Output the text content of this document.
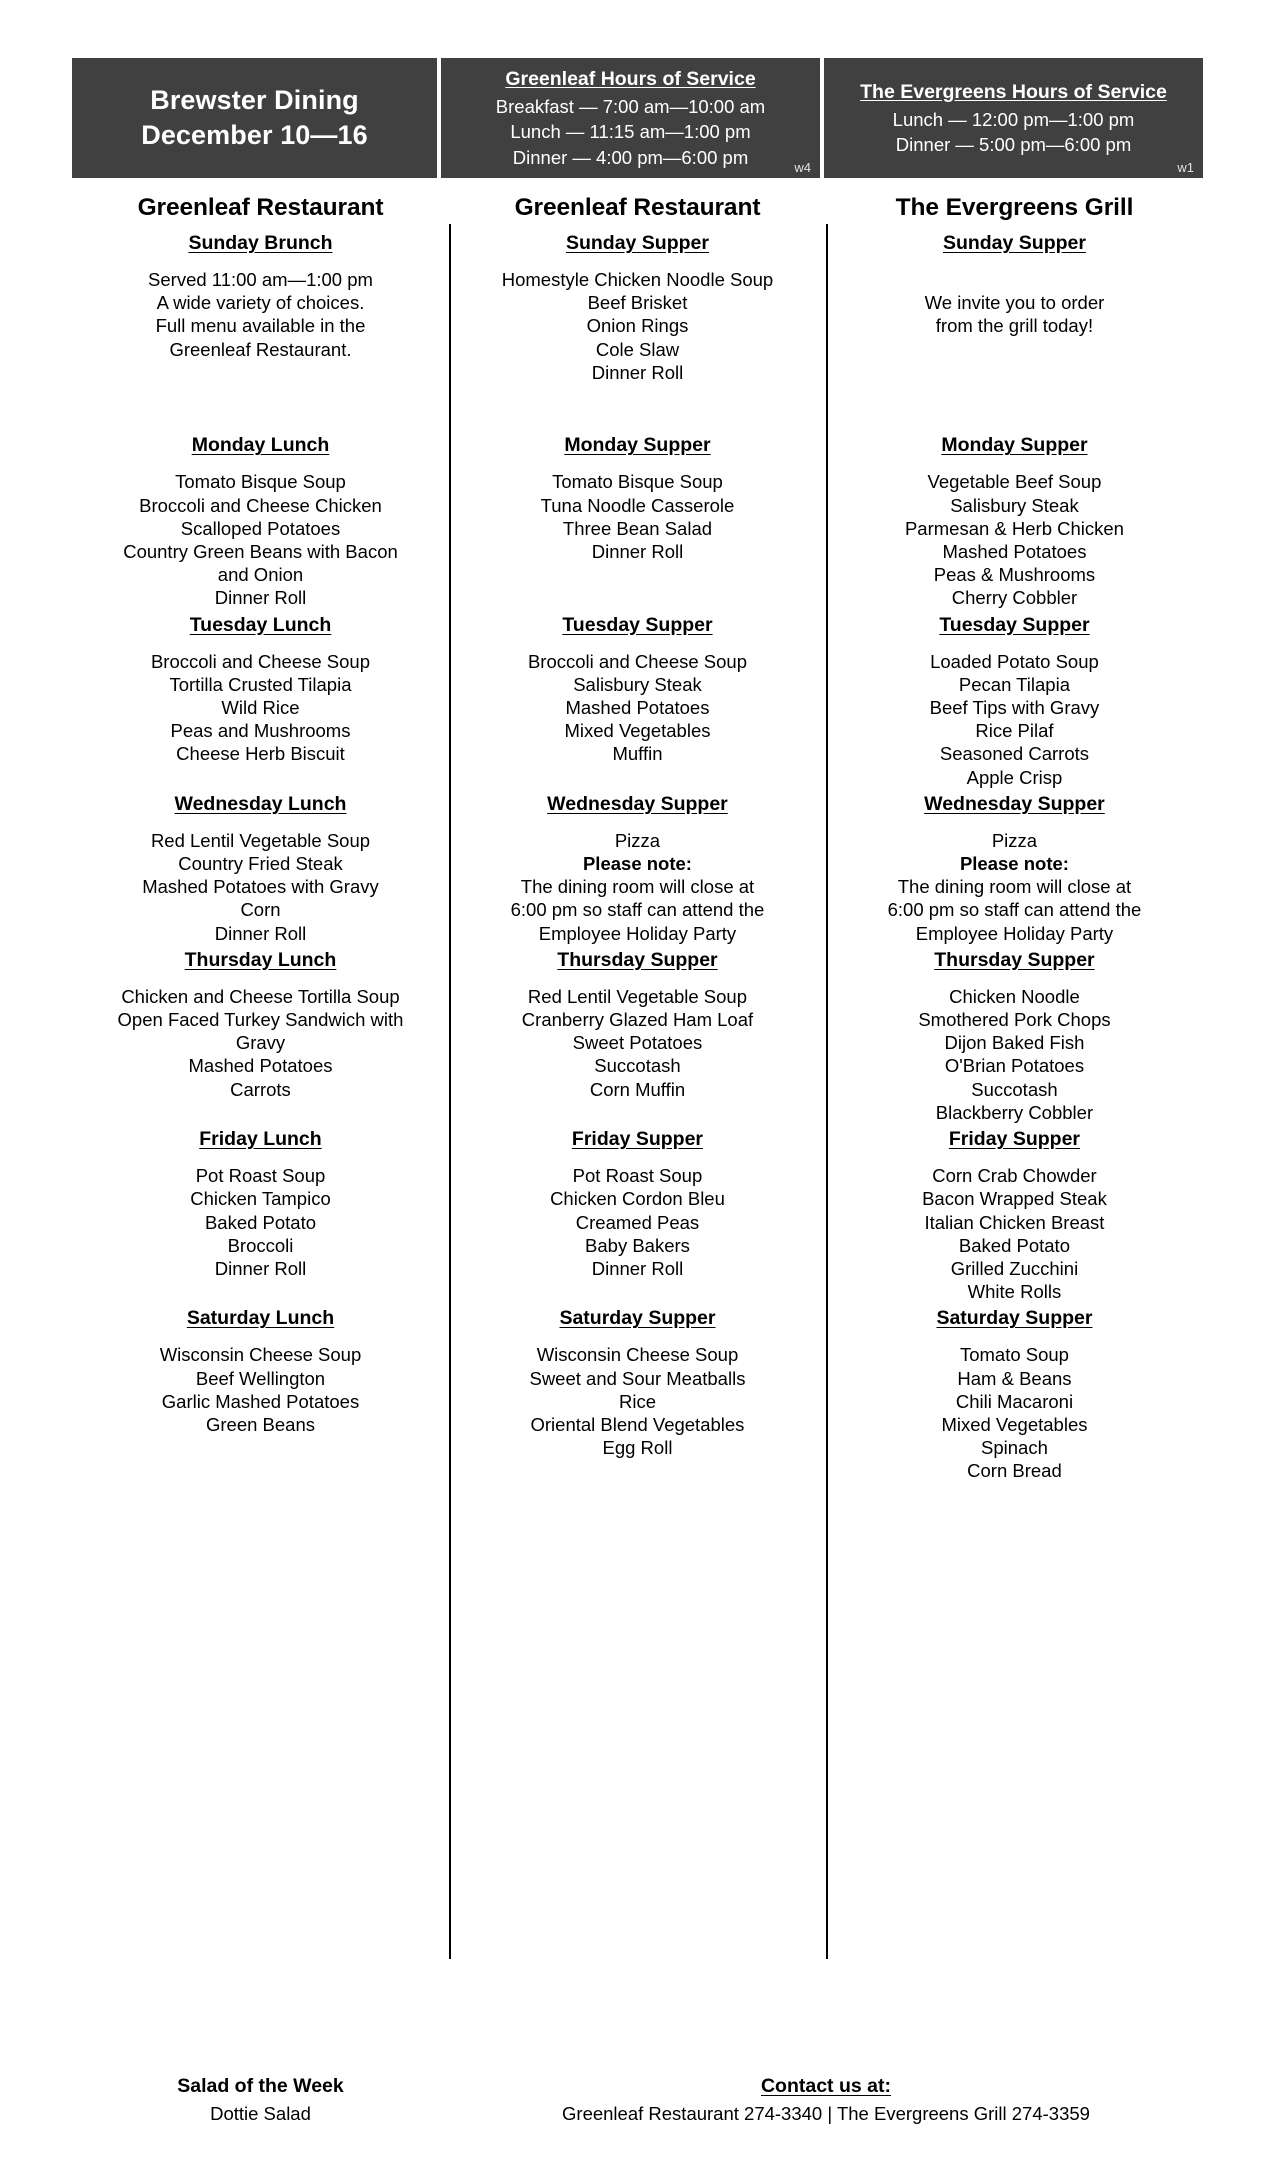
Brewster Dining
December 10—16
Greenleaf Hours of Service
Breakfast — 7:00 am—10:00 am
Lunch — 11:15 am—1:00 pm
Dinner — 4:00 pm—6:00 pm	w4
The Evergreens Hours of Service
Lunch — 12:00 pm—1:00 pm
Dinner — 5:00 pm—6:00 pm
w1
Greenleaf Restaurant
Sunday Brunch
Served 11:00 am—1:00 pm
A wide variety of choices.
Full menu available in the
Greenleaf Restaurant.

Monday Lunch
Tomato Bisque Soup
Broccoli and Cheese Chicken
Scalloped Potatoes
Country Green Beans with Bacon
and Onion
Dinner Roll
Tuesday Lunch
Broccoli and Cheese Soup
Tortilla Crusted Tilapia
Wild Rice
Peas and Mushrooms
Cheese Herb Biscuit

Wednesday Lunch
Red Lentil Vegetable Soup
Country Fried Steak
Mashed Potatoes with Gravy
Corn
Dinner Roll
Thursday Lunch
Chicken and Cheese Tortilla Soup
Open Faced Turkey Sandwich with
Gravy
Mashed Potatoes
Carrots

Friday Lunch
Pot Roast Soup
Chicken Tampico
Baked Potato
Broccoli
Dinner Roll

Saturday Lunch
Wisconsin Cheese Soup
Beef Wellington
Garlic Mashed Potatoes
Green Beans

Greenleaf Restaurant
Sunday Supper
Homestyle Chicken Noodle Soup
Beef Brisket
Onion Rings
Cole Slaw
Dinner Roll

Monday Supper
Tomato Bisque Soup
Tuna Noodle Casserole
Three Bean Salad
Dinner Roll

Tuesday Supper
Broccoli and Cheese Soup
Salisbury Steak
Mashed Potatoes
Mixed Vegetables
Muffin

Wednesday Supper
Pizza
Please note:
The dining room will close at
6:00 pm so staff can attend the
Employee Holiday Party
Thursday Supper
Red Lentil Vegetable Soup
Cranberry Glazed Ham Loaf
Sweet Potatoes
Succotash
Corn Muffin

Friday Supper
Pot Roast Soup
Chicken Cordon Bleu
Creamed Peas
Baby Bakers
Dinner Roll

Saturday Supper
Wisconsin Cheese Soup
Sweet and Sour Meatballs
Rice
Oriental Blend Vegetables
Egg Roll

The Evergreens Grill
Sunday Supper

We invite you to order
from the grill today!

Monday Supper
Vegetable Beef Soup
Salisbury Steak
Parmesan & Herb Chicken
Mashed Potatoes
Peas & Mushrooms
Cherry Cobbler
Tuesday Supper
Loaded Potato Soup
Pecan Tilapia
Beef Tips with Gravy
Rice Pilaf
Seasoned Carrots
Apple Crisp
Wednesday Supper
Pizza
Please note:
The dining room will close at
6:00 pm so staff can attend the
Employee Holiday Party
Thursday Supper
Chicken Noodle
Smothered Pork Chops
Dijon Baked Fish
O'Brian Potatoes
Succotash
Blackberry Cobbler
Friday Supper
Corn Crab Chowder
Bacon Wrapped Steak
Italian Chicken Breast
Baked Potato
Grilled Zucchini
White Rolls
Saturday Supper
Tomato Soup
Ham & Beans
Chili Macaroni
Mixed Vegetables
Spinach
Corn Bread
Salad of the Week
Dottie Salad
Contact us at:
Greenleaf Restaurant 274-3340 | The Evergreens Grill 274-3359
